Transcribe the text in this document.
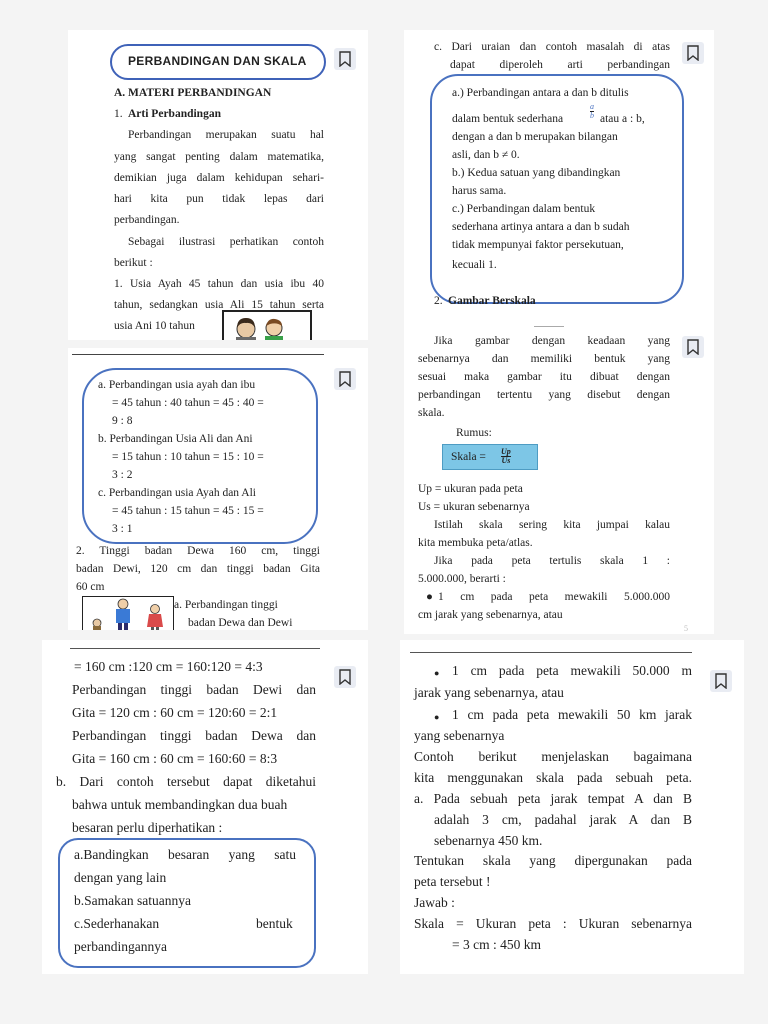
PERBANDINGAN DAN SKALA
A. MATERI PERBANDINGAN
1. Arti Perbandingan
Perbandingan merupakan suatu hal
yang sangat penting dalam matematika,
demikian juga dalam kehidupan sehari-
hari kita pun tidak lepas dari
perbandingan.
Sebagai ilustrasi perhatikan contoh
berikut :
1. Usia Ayah 45 tahun dan usia ibu 40
tahun, sedangkan usia Ali 15 tahun serta
usia Ani 10 tahun
c. Dari uraian dan contoh masalah di atas
dapat diperoleh arti perbandingan
a.) Perbandingan antara a dan b ditulis
dalam bentuk sederhana	$\frac{a}{b}$ atau a : b,
dengan a dan b merupakan bilangan
asli, dan b ≠ 0.
b.) Kedua satuan yang dibandingkan
harus sama.
c.) Perbandingan dalam bentuk
sederhana artinya antara a dan b sudah
tidak mempunyai faktor persekutuan,
kecuali 1.
2. Gambar Berskala
a. Perbandingan usia ayah dan ibu
= 45 tahun : 40 tahun = 45 : 40 =
9 : 8
b. Perbandingan Usia Ali dan Ani
= 15 tahun : 10 tahun = 15 : 10 =
3 : 2
c. Perbandingan usia Ayah dan Ali
= 45 tahun : 15 tahun = 45 : 15 =
3 : 1
2. Tinggi badan Dewa 160 cm, tinggi
badan Dewi, 120 cm dan tinggi badan Gita
60 cm
a. Perbandingan tinggi
badan Dewa dan Dewi
Jika gambar dengan keadaan yang
sebenarnya dan memiliki bentuk yang
sesuai maka gambar itu dibuat dengan
perbandingan tertentu yang disebut dengan
skala.
Rumus:
Skala = $\frac{Up}{Us}$
Up = ukuran pada peta
Us = ukuran sebenarnya
Istilah skala sering kita jumpai kalau
kita membuka peta/atlas.
Jika pada peta tertulis skala 1 :
5.000.000, berarti :
● 1 cm pada peta mewakili 5.000.000
cm jarak yang sebenarnya, atau
5
= 160 cm :120 cm = 160:120 = 4:3
Perbandingan tinggi badan Dewi dan
Gita = 120 cm : 60 cm = 120:60 = 2:1
Perbandingan tinggi badan Dewa dan
Gita = 160 cm : 60 cm = 160:60 = 8:3
b. Dari contoh tersebut dapat diketahui
bahwa untuk membandingkan dua buah
besaran perlu diperhatikan :
a.Bandingkan besaran yang satu
dengan yang lain
b.Samakan satuannya
c.Sederhanakan	bentuk
perbandingannya
● 1 cm pada peta mewakili 50.000 m
jarak yang sebenarnya, atau
● 1 cm pada peta mewakili 50 km jarak
yang sebenarnya
Contoh berikut menjelaskan bagaimana
kita menggunakan skala pada sebuah peta.
a. Pada sebuah peta jarak tempat A dan B
adalah 3 cm, padahal jarak A dan B
sebenarnya 450 km.
Tentukan skala yang dipergunakan pada
peta tersebut !
Jawab :
Skala = Ukuran peta : Ukuran sebenarnya
= 3 cm : 450 km
